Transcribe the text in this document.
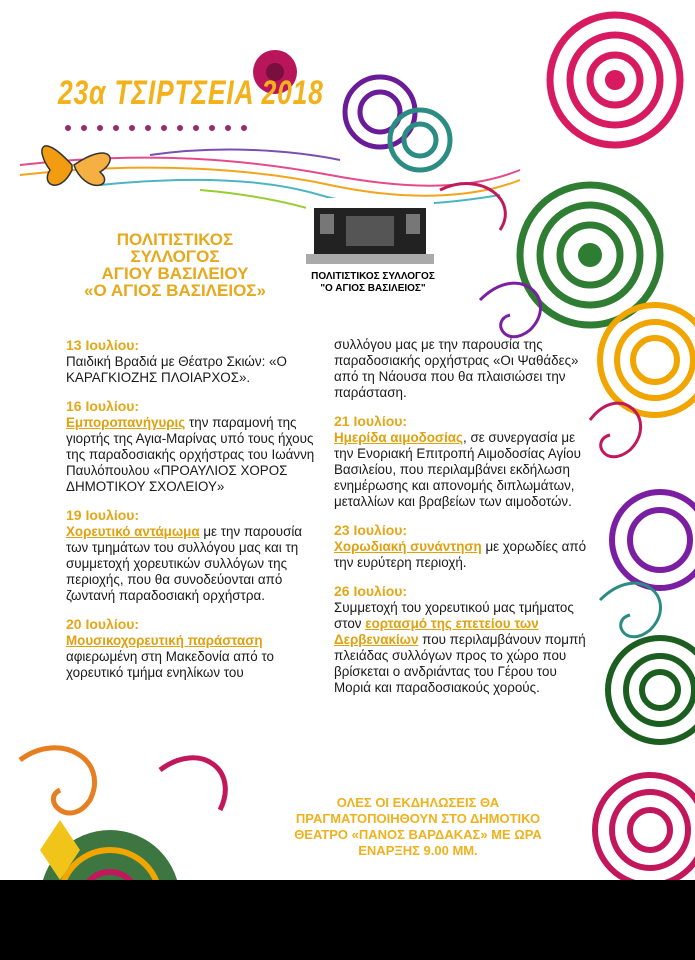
23α ΤΣΙΡΤΣΕΙΑ 2018
ΠΟΛΙΤΙΣΤΙΚΟΣ
ΣΥΛΛΟΓΟΣ
ΑΓΙΟΥ ΒΑΣΙΛΕΙΟΥ
«Ο ΑΓΙΟΣ ΒΑΣΙΛΕΙΟΣ»
ΠΟΛΙΤΙΣΤΙΚΟΣ ΣΥΛΛΟΓΟΣ
"Ο ΑΓΙΟΣ ΒΑΣΙΛΕΙΟΣ"
13 Ιουλίου:
Παιδική Βραδιά με Θέατρο Σκιών: «Ο ΚΑΡΑΓΚΙΟΖΗΣ ΠΛΟΙΑΡΧΟΣ».
16 Ιουλίου:
Εμποροπανήγυρις την παραμονή της γιορτής της Αγια-Μαρίνας υπό τους ήχους της παραδοσιακής ορχήστρας του Ιωάννη Παυλόπουλου «ΠΡΟΑΥΛΙΟΣ ΧΟΡΟΣ ΔΗΜΟΤΙΚΟΥ ΣΧΟΛΕΙΟΥ»
19 Ιουλίου:
Χορευτικό αντάμωμα με την παρουσία των τμημάτων του συλλόγου μας και τη συμμετοχή χορευτικών συλλόγων της περιοχής, που θα συνοδεύονται από ζωντανή παραδοσιακή ορχήστρα.
20 Ιουλίου:
Μουσικοχορευτική παράσταση αφιερωμένη στη Μακεδονία από το χορευτικό τμήμα ενηλίκων του
συλλόγου μας με την παρουσία της παραδοσιακής ορχήστρας «Οι Ψαθάδες» από τη Νάουσα που θα πλαισιώσει την παράσταση.
21 Ιουλίου:
Ημερίδα αιμοδοσίας, σε συνεργασία με την Ενοριακή Επιτροπή Αιμοδοσίας Αγίου Βασιλείου, που περιλαμβάνει εκδήλωση ενημέρωσης και απονομής διπλωμάτων, μεταλλίων και βραβείων των αιμοδοτών.
23 Ιουλίου:
Χορωδιακή συνάντηση με χορωδίες από την ευρύτερη περιοχή.
26 Ιουλίου:
Συμμετοχή του χορευτικού μας τμήματος στον εορτασμό της επετείου των Δερβενακίων που περιλαμβάνουν πομπή πλειάδας συλλόγων προς το χώρο που βρίσκεται ο ανδριάντας του Γέρου του Μοριά και παραδοσιακούς χορούς.
ΟΛΕΣ ΟΙ ΕΚΔΗΛΩΣΕΙΣ ΘΑ
ΠΡΑΓΜΑΤΟΠΟΙΗΘΟΥΝ ΣΤΟ ΔΗΜΟΤΙΚΟ
ΘΕΑΤΡΟ «ΠΑΝΟΣ ΒΑΡΔΑΚΑΣ» ΜΕ ΩΡΑ
ΕΝΑΡΞΗΣ 9.00 ΜΜ.
